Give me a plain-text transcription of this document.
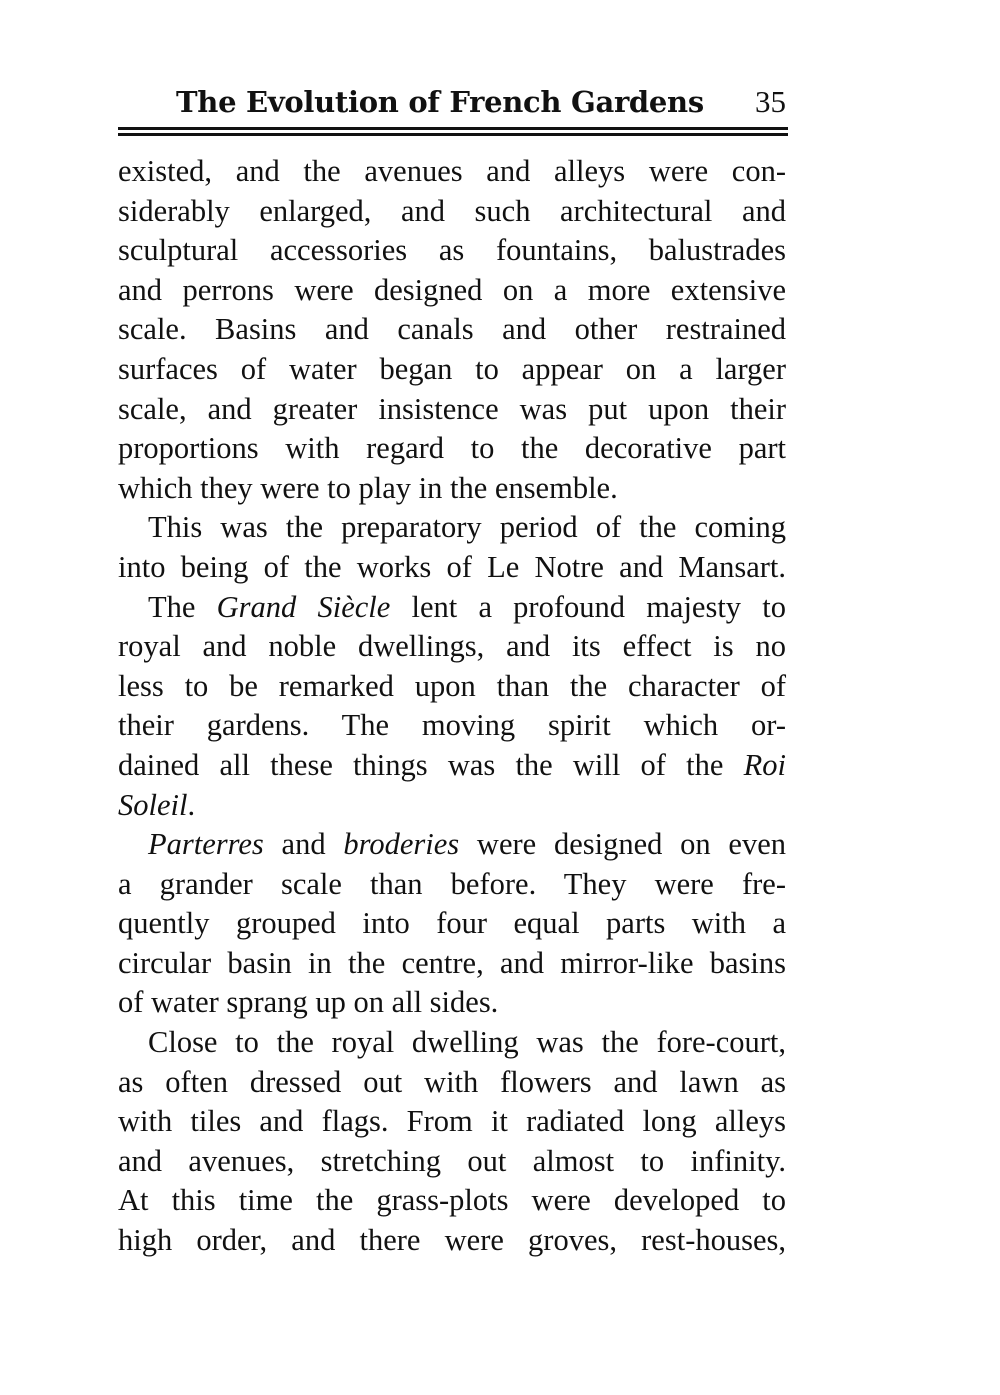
The Evolution of French Gardens 35
existed, and the avenues and alleys were con-
siderably enlarged, and such architectural and
sculptural accessories as fountains, balustrades
and perrons were designed on a more extensive
scale. Basins and canals and other restrained
surfaces of water began to appear on a larger
scale, and greater insistence was put upon their
proportions with regard to the decorative part
which they were to play in the ensemble.
This was the preparatory period of the coming
into being of the works of Le Notre and Mansart.
The Grand Siècle lent a profound majesty to
royal and noble dwellings, and its effect is no
less to be remarked upon than the character of
their gardens. The moving spirit which or-
dained all these things was the will of the Roi
Soleil.
Parterres and broderies were designed on even
a grander scale than before. They were fre-
quently grouped into four equal parts with a
circular basin in the centre, and mirror-like basins
of water sprang up on all sides.
Close to the royal dwelling was the fore-court,
as often dressed out with flowers and lawn as
with tiles and flags. From it radiated long alleys
and avenues, stretching out almost to infinity.
At this time the grass-plots were developed to
high order, and there were groves, rest-houses,
